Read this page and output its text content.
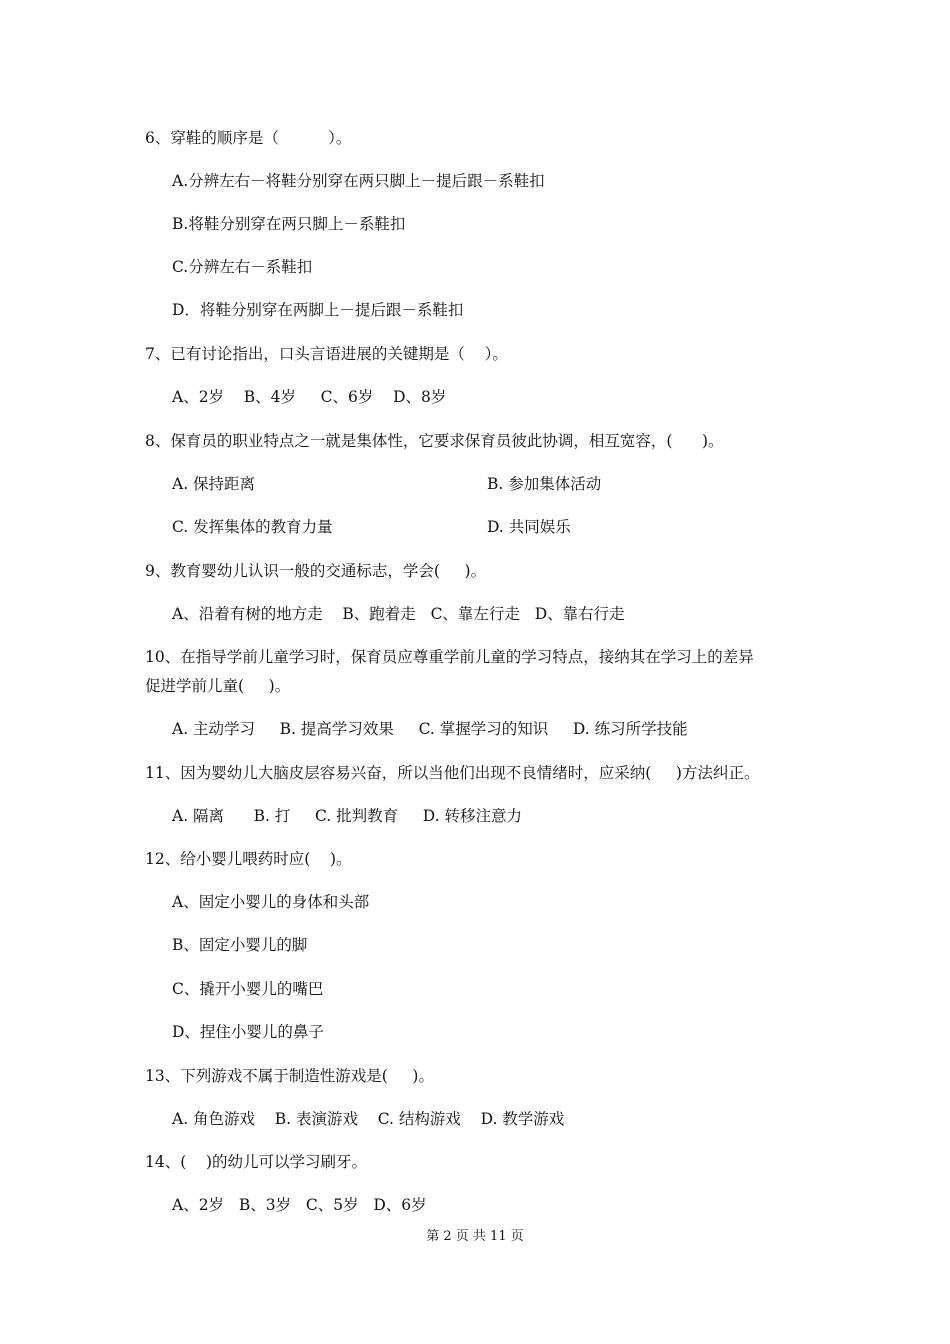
6、穿鞋的顺序是（          ）。
A.分辨左右－将鞋分别穿在两只脚上－提后跟－系鞋扣
B.将鞋分别穿在两只脚上－系鞋扣
C.分辨左右－系鞋扣
D．将鞋分别穿在两脚上－提后跟－系鞋扣
7、已有讨论指出，口头言语进展的关键期是（    ）。
A、2岁    B、4岁     C、6岁    D、8岁
8、保育员的职业特点之一就是集体性，它要求保育员彼此协调，相互宽容，(      )。
A. 保持距离	B. 参加集体活动
C. 发挥集体的教育力量	D. 共同娱乐
9、教育婴幼儿认识一般的交通标志，学会(     )。
A、沿着有树的地方走    B、跑着走   C、靠左行走   D、靠右行走
10、在指导学前儿童学习时，保育员应尊重学前儿童的学习特点，接纳其在学习上的差异
促进学前儿童(     )。
A. 主动学习     B. 提高学习效果     C. 掌握学习的知识     D. 练习所学技能
11、因为婴幼儿大脑皮层容易兴奋，所以当他们出现不良情绪时，应采纳(     )方法纠正。
A. 隔离      B. 打     C. 批判教育     D. 转移注意力
12、给小婴儿喂药时应(    )。
A、固定小婴儿的身体和头部
B、固定小婴儿的脚
C、撬开小婴儿的嘴巴
D、捏住小婴儿的鼻子
13、下列游戏不属于制造性游戏是(     )。
A. 角色游戏    B. 表演游戏    C. 结构游戏    D. 教学游戏
14、(    )的幼儿可以学习刷牙。
A、2岁   B、3岁   C、5岁   D、6岁
第 2 页 共 11 页
